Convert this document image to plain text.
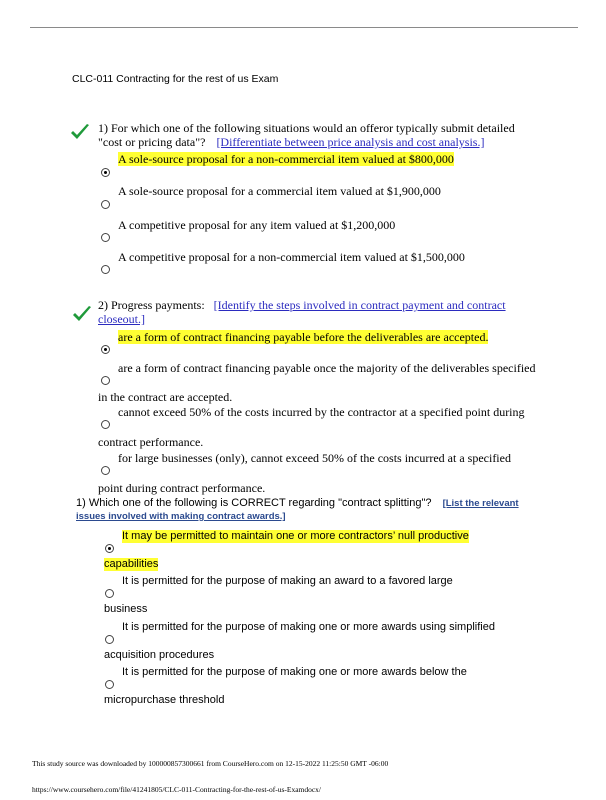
CLC-011 Contracting for the rest of us Exam
1) For which one of the following situations would an offeror typically submit detailed
"cost or pricing data"? [Differentiate between price analysis and cost analysis.]
A sole-source proposal for a non-commercial item valued at $800,000
A sole-source proposal for a commercial item valued at $1,900,000
A competitive proposal for any item valued at $1,200,000
A competitive proposal for a non-commercial item valued at $1,500,000
2) Progress payments: [Identify the steps involved in contract payment and contract
closeout.]
are a form of contract financing payable before the deliverables are accepted.
are a form of contract financing payable once the majority of the deliverables specified
in the contract are accepted.
cannot exceed 50% of the costs incurred by the contractor at a specified point during
contract performance.
for large businesses (only), cannot exceed 50% of the costs incurred at a specified
point during contract performance.
1) Which one of the following is CORRECT regarding "contract splitting"? [List the relevant
issues involved with making contract awards.]
It may be permitted to maintain one or more contractors’ null productive
capabilities
It is permitted for the purpose of making an award to a favored large
business
It is permitted for the purpose of making one or more awards using simplified
acquisition procedures
It is permitted for the purpose of making one or more awards below the
micropurchase threshold
This study source was downloaded by 100000857300661 from CourseHero.com on 12-15-2022 11:25:50 GMT -06:00
https://www.coursehero.com/file/41241805/CLC-011-Contracting-for-the-rest-of-us-Examdocx/
